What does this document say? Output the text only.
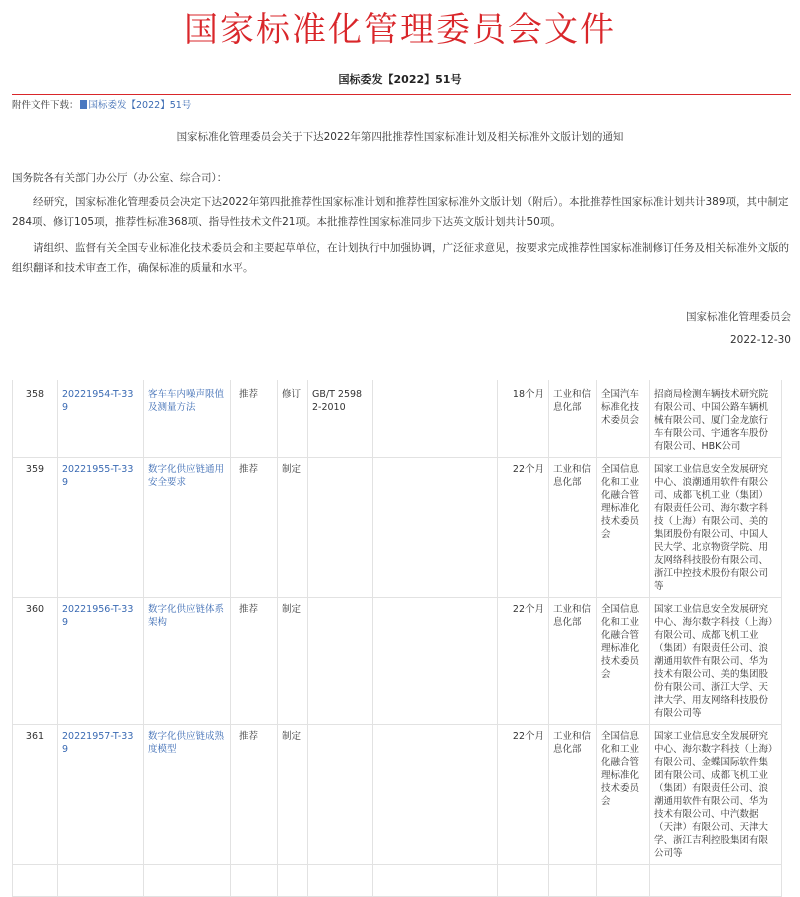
国家标准化管理委员会文件
国标委发【2022】51号
附件文件下载： 国标委发【2022】51号
国家标准化管理委员会关于下达2022年第四批推荐性国家标准计划及相关标准外文版计划的通知
国务院各有关部门办公厅（办公室、综合司）：

经研究，国家标准化管理委员会决定下达2022年第四批推荐性国家标准计划和推荐性国家标准外文版计划（附后）。本批推荐性国家标准计划共计389项，其中制定284项、修订105项，推荐性标准368项、指导性技术文件21项。本批推荐性国家标准同步下达英文版计划共计50项。

请组织、监督有关全国专业标准化技术委员会和主要起草单位，在计划执行中加强协调，广泛征求意见，按要求完成推荐性国家标准制修订任务及相关标准外文版的组织翻译和技术审查工作，确保标准的质量和水平。

国家标准化管理委员会
2022-12-30
358	20221954-T-339	客车车内噪声限值及测量方法	推荐	修订	GB/T 25982-2010		18个月	工业和信息化部	全国汽车标准化技术委员会	招商局检测车辆技术研究院有限公司、中国公路车辆机械有限公司、厦门金龙旅行车有限公司、宇通客车股份有限公司、HBK公司
359	20221955-T-339	数字化供应链通用安全要求	推荐	制定			22个月	工业和信息化部	全国信息化和工业化融合管理标准化技术委员会	国家工业信息安全发展研究中心、浪潮通用软件有限公司、成都飞机工业（集团）有限责任公司、海尔数字科技（上海）有限公司、美的集团股份有限公司、中国人民大学、北京物资学院、用友网络科技股份有限公司、浙江中控技术股份有限公司等
360	20221956-T-339	数字化供应链体系架构	推荐	制定			22个月	工业和信息化部	全国信息化和工业化融合管理标准化技术委员会	国家工业信息安全发展研究中心、海尔数字科技（上海）有限公司、成都飞机工业（集团）有限责任公司、浪潮通用软件有限公司、华为技术有限公司、美的集团股份有限公司、浙江大学、天津大学、用友网络科技股份有限公司等
361	20221957-T-339	数字化供应链成熟度模型	推荐	制定			22个月	工业和信息化部	全国信息化和工业化融合管理标准化技术委员会	国家工业信息安全发展研究中心、海尔数字科技（上海）有限公司、金蝶国际软件集团有限公司、成都飞机工业（集团）有限责任公司、浪潮通用软件有限公司、华为技术有限公司、中汽数据（天津）有限公司、天津大学、浙江吉利控股集团有限公司等
